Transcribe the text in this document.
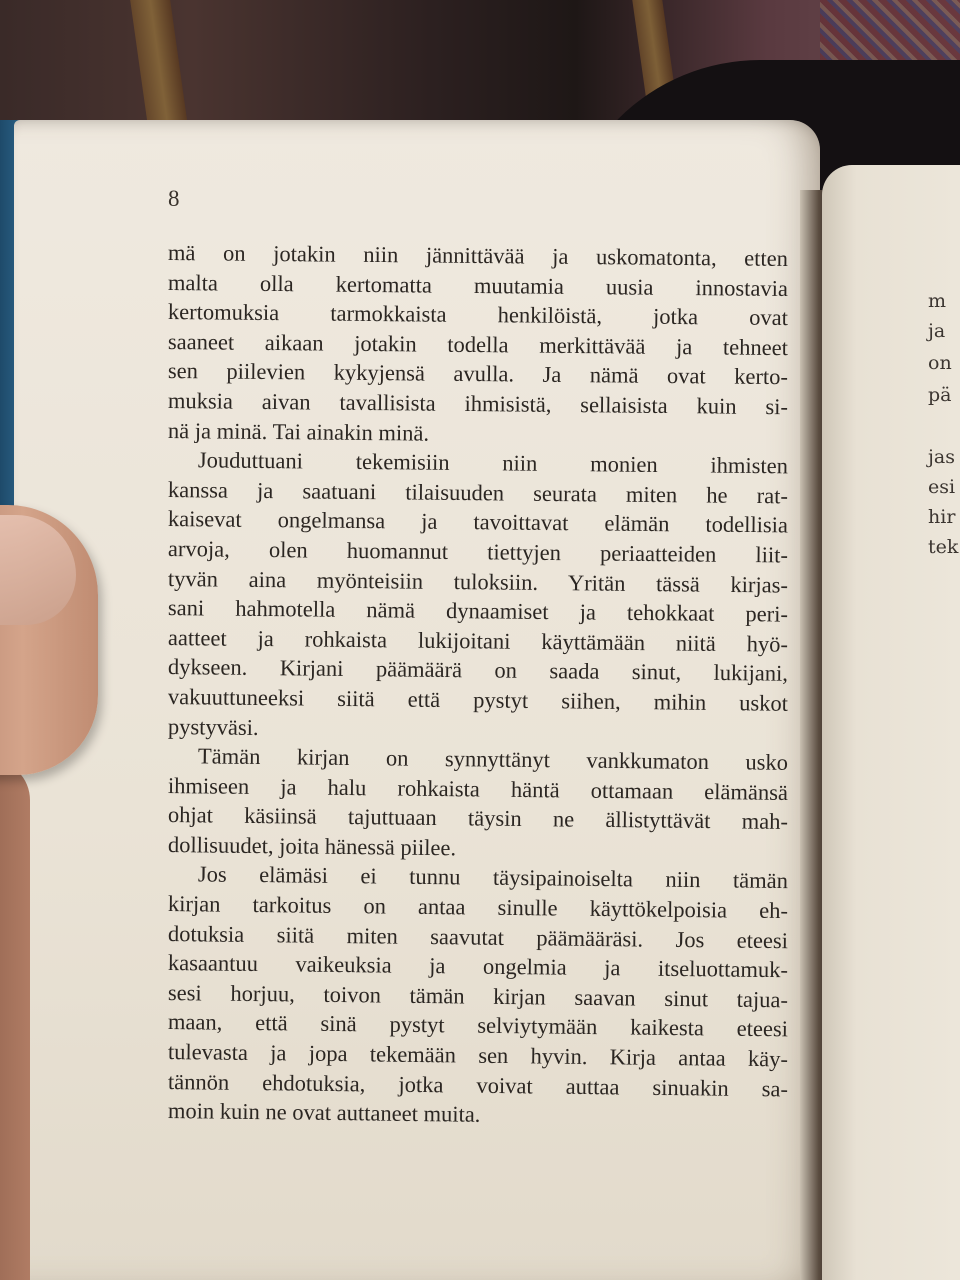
m
ja
on
pä
jas
esi
hir
tek
8
mä on jotakin niin jännittävää ja uskomatonta, etten
malta olla kertomatta muutamia uusia innostavia
kertomuksia tarmokkaista henkilöistä, jotka ovat
saaneet aikaan jotakin todella merkittävää ja tehneet
sen piilevien kykyjensä avulla. Ja nämä ovat kerto-
muksia aivan tavallisista ihmisistä, sellaisista kuin si-
nä ja minä. Tai ainakin minä.
Jouduttuani tekemisiin niin monien ihmisten
kanssa ja saatuani tilaisuuden seurata miten he rat-
kaisevat ongelmansa ja tavoittavat elämän todellisia
arvoja, olen huomannut tiettyjen periaatteiden liit-
tyvän aina myönteisiin tuloksiin. Yritän tässä kirjas-
sani hahmotella nämä dynaamiset ja tehokkaat peri-
aatteet ja rohkaista lukijoitani käyttämään niitä hyö-
dykseen. Kirjani päämäärä on saada sinut, lukijani,
vakuuttuneeksi siitä että pystyt siihen, mihin uskot
pystyväsi.
Tämän kirjan on synnyttänyt vankkumaton usko
ihmiseen ja halu rohkaista häntä ottamaan elämänsä
ohjat käsiinsä tajuttuaan täysin ne ällistyttävät mah-
dollisuudet, joita hänessä piilee.
Jos elämäsi ei tunnu täysipainoiselta niin tämän
kirjan tarkoitus on antaa sinulle käyttökelpoisia eh-
dotuksia siitä miten saavutat päämääräsi. Jos eteesi
kasaantuu vaikeuksia ja ongelmia ja itseluottamuk-
sesi horjuu, toivon tämän kirjan saavan sinut tajua-
maan, että sinä pystyt selviytymään kaikesta eteesi
tulevasta ja jopa tekemään sen hyvin. Kirja antaa käy-
tännön ehdotuksia, jotka voivat auttaa sinuakin sa-
moin kuin ne ovat auttaneet muita.
